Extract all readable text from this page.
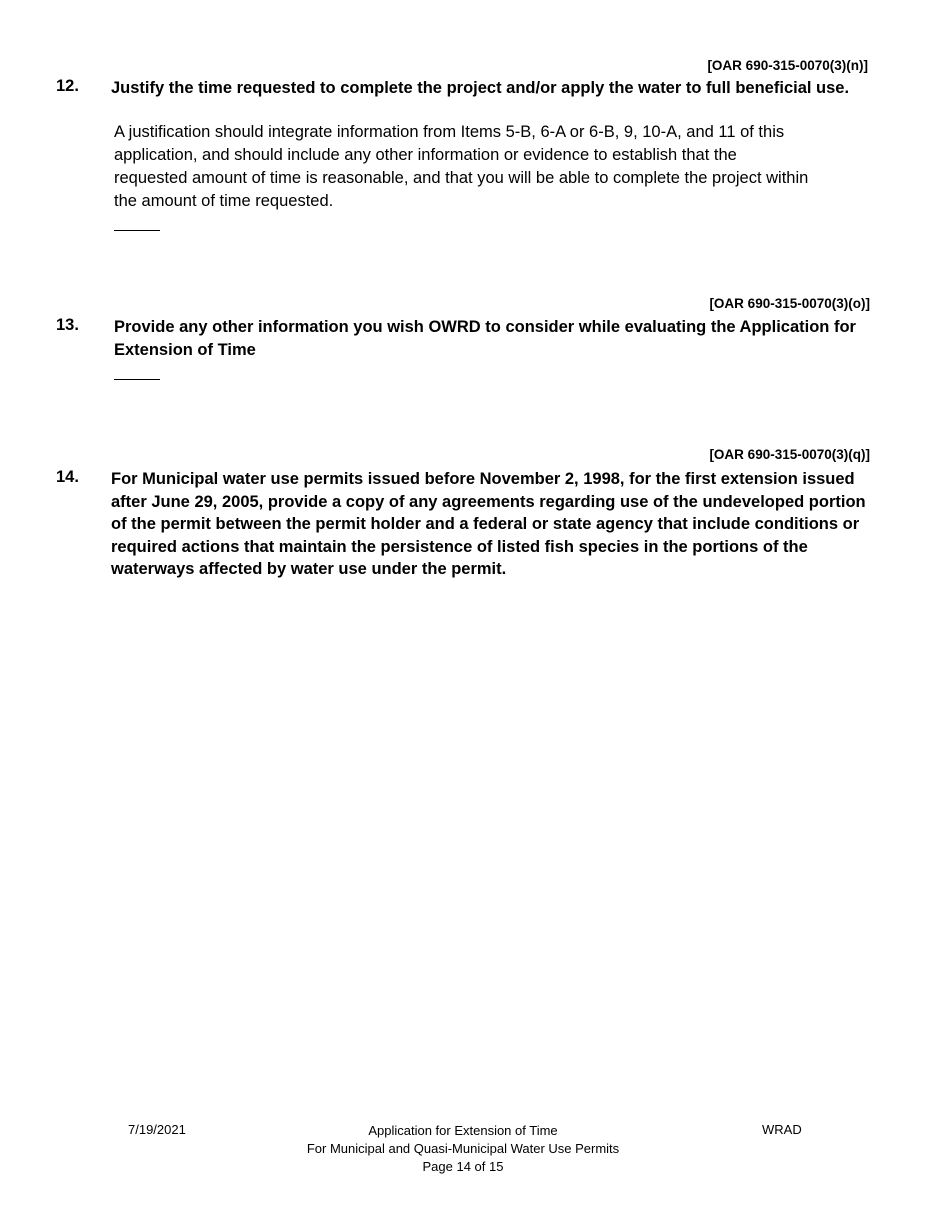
[OAR 690-315-0070(3)(n)]
12. Justify the time requested to complete the project and/or apply the water to full beneficial use.
A justification should integrate information from Items 5-B, 6-A or 6-B, 9, 10-A, and 11 of this application, and should include any other information or evidence to establish that the requested amount of time is reasonable, and that you will be able to complete the project within the amount of time requested.
[OAR 690-315-0070(3)(o)]
13. Provide any other information you wish OWRD to consider while evaluating the Application for Extension of Time
[OAR 690-315-0070(3)(q)]
14. For Municipal water use permits issued before November 2, 1998, for the first extension issued after June 29, 2005, provide a copy of any agreements regarding use of the undeveloped portion of the permit between the permit holder and a federal or state agency that include conditions or required actions that maintain the persistence of listed fish species in the portions of the waterways affected by water use under the permit.
7/19/2021	Application for Extension of Time
For Municipal and Quasi-Municipal Water Use Permits
Page 14 of 15
WRAD
